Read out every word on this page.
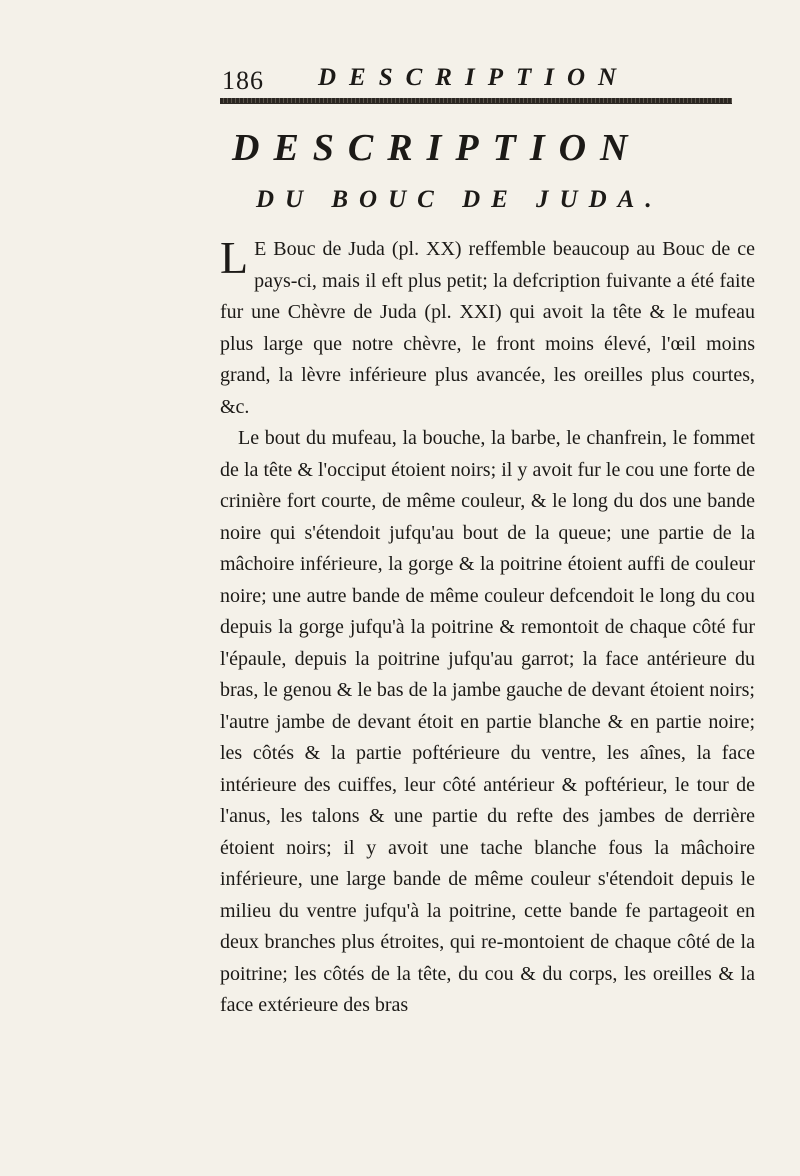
186 DESCRIPTION
DESCRIPTION
DU BOUC DE JUDA.

L E Bouc de Juda (pl. XX) reffemble beaucoup au Bouc de ce pays-ci, mais il eft plus petit; la defcription fuivante a été faite fur une Chèvre de Juda (pl. XXI) qui avoit la tête & le mufeau plus large que notre chèvre, le front moins élevé, l'œil moins grand, la lèvre inférieure plus avancée, les oreilles plus courtes, &c.

Le bout du mufeau, la bouche, la barbe, le chanfrein, le fommet de la tête & l'occiput étoient noirs; il y avoit fur le cou une forte de crinière fort courte, de même couleur, & le long du dos une bande noire qui s'étendoit jufqu'au bout de la queue; une partie de la mâchoire inférieure, la gorge & la poitrine étoient auffi de couleur noire; une autre bande de même couleur defcendoit le long du cou depuis la gorge jufqu'à la poitrine & remontoit de chaque côté fur l'épaule, depuis la poitrine jufqu'au garrot; la face antérieure du bras, le genou & le bas de la jambe gauche de devant étoient noirs; l'autre jambe de devant étoit en partie blanche & en partie noire; les côtés & la partie poftérieure du ventre, les aînes, la face intérieure des cuiffes, leur côté antérieur & poftérieur, le tour de l'anus, les talons & une partie du refte des jambes de derrière étoient noirs; il y avoit une tache blanche fous la mâchoire inférieure, une large bande de même couleur s'étendoit depuis le milieu du ventre jufqu'à la poitrine, cette bande fe partageoit en deux branches plus étroites, qui re-montoient de chaque côté de la poitrine; les côtés de la tête, du cou & du corps, les oreilles & la face extérieure des bras
